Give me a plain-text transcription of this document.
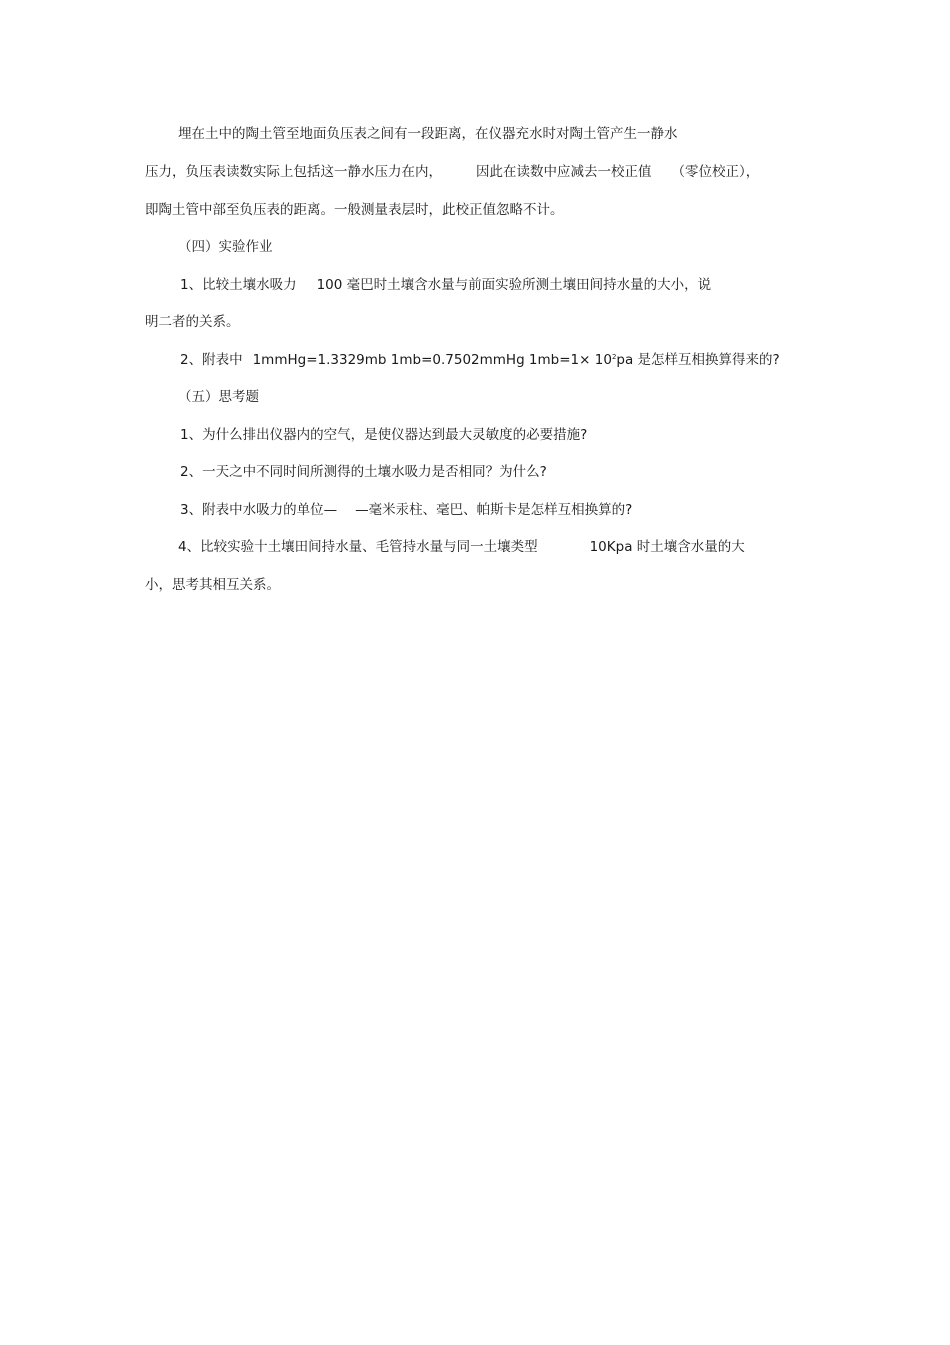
埋在土中的陶土管至地面负压表之间有一段距离，在仪器充水时对陶土管产生一静水
压力，负压表读数实际上包括这一静水压力在内，	因此在读数中应减去一校正值 （零位校正），
即陶土管中部至负压表的距离。一般测量表层时，此校正值忽略不计。
（四）实验作业
1、比较土壤水吸力 100 毫巴时土壤含水量与前面实验所测土壤田间持水量的大小，说
明二者的关系。
2、附表中 1mmHg=1.3329mb 1mb=0.7502mmHg $1mb=1\times 10^2pa$ 是怎样互相换算得来的?
（五）思考题
1、为什么排出仪器内的空气，是使仪器达到最大灵敏度的必要措施?
2、一天之中不同时间所测得的土壤水吸力是否相同？为什么?
3、附表中水吸力的单位— —毫米汞柱、毫巴、帕斯卡是怎样互相换算的?
4、比较实验十土壤田间持水量、毛管持水量与同一土壤类型	10Kpa 时土壤含水量的大
小，思考其相互关系。
